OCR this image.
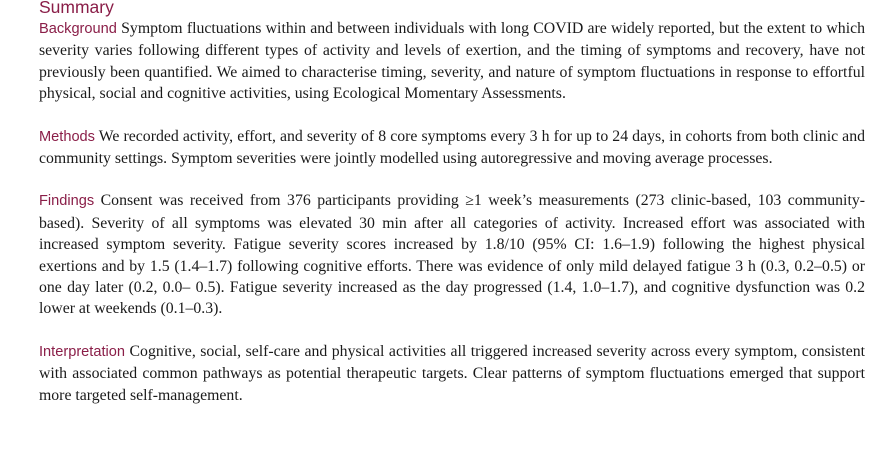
Summary

Background Symptom fluctuations within and between individuals with long COVID are widely reported, but the extent to which severity varies following different types of activity and levels of exertion, and the timing of symptoms and recovery, have not previously been quantified. We aimed to characterise timing, severity, and nature of symptom fluctuations in response to effortful physical, social and cognitive activities, using Ecological Momentary Assessments.

Methods We recorded activity, effort, and severity of 8 core symptoms every 3 h for up to 24 days, in cohorts from both clinic and community settings. Symptom severities were jointly modelled using autoregressive and moving average processes.

Findings Consent was received from 376 participants providing ≥1 week’s measurements (273 clinic-based, 103 community-based). Severity of all symptoms was elevated 30 min after all categories of activity. Increased effort was associated with increased symptom severity. Fatigue severity scores increased by 1.8/10 (95% CI: 1.6–1.9) following the highest physical exertions and by 1.5 (1.4–1.7) following cognitive efforts. There was evidence of only mild delayed fatigue 3 h (0.3, 0.2–0.5) or one day later (0.2, 0.0– 0.5). Fatigue severity increased as the day progressed (1.4, 1.0–1.7), and cognitive dysfunction was 0.2 lower at weekends (0.1–0.3).

Interpretation Cognitive, social, self-care and physical activities all triggered increased severity across every symptom, consistent with associated common pathways as potential therapeutic targets. Clear patterns of symptom fluctuations emerged that support more targeted self-management.
